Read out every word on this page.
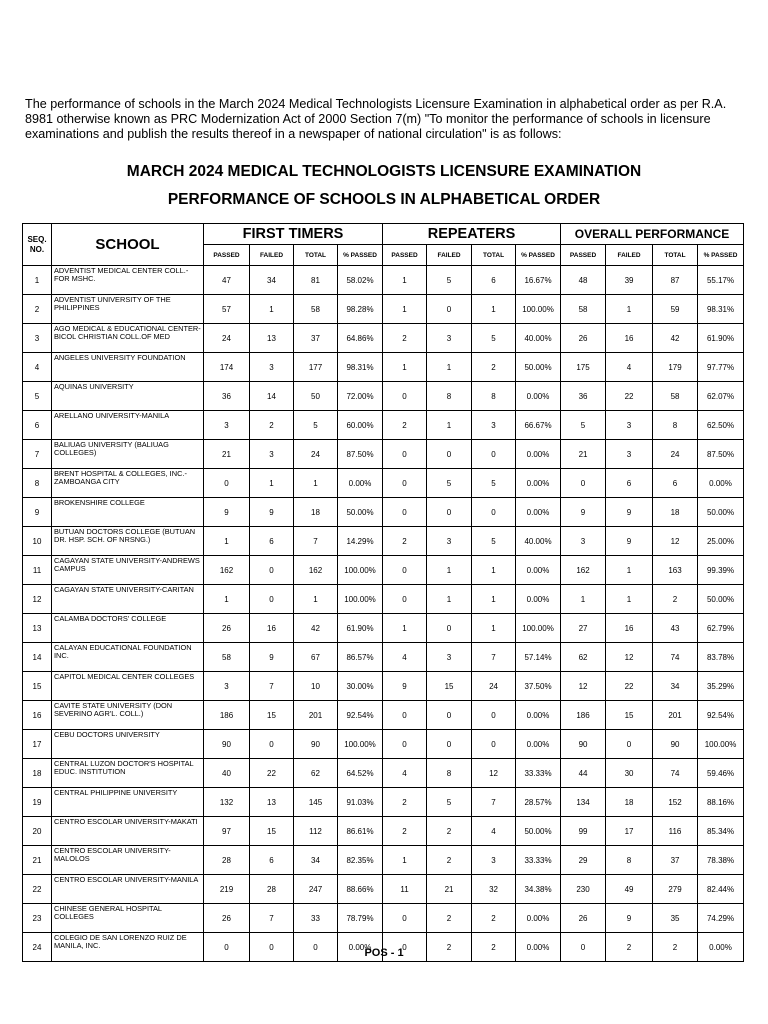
The performance of schools in the March 2024 Medical Technologists Licensure Examination in alphabetical order as per R.A. 8981 otherwise known as PRC Modernization Act of 2000 Section 7(m) "To monitor the performance of schools in licensure examinations and publish the results thereof in a newspaper of national circulation" is as follows:

MARCH 2024 MEDICAL TECHNOLOGISTS LICENSURE EXAMINATION
PERFORMANCE OF SCHOOLS IN ALPHABETICAL ORDER
SEQ. NO.	SCHOOL	FIRST TIMERS				REPEATERS				OVERALL PERFORMANCE			
		PASSED	FAILED	TOTAL	% PASSED	PASSED	FAILED	TOTAL	% PASSED	PASSED	FAILED	TOTAL	% PASSED
1	ADVENTIST MEDICAL CENTER COLL.-FOR MSHC.	47	34	81	58.02%	1	5	6	16.67%	48	39	87	55.17%
2	ADVENTIST UNIVERSITY OF THE PHILIPPINES	57	1	58	98.28%	1	0	1	100.00%	58	1	59	98.31%
3	AGO MEDICAL & EDUCATIONAL CENTER-BICOL CHRISTIAN COLL.OF MED	24	13	37	64.86%	2	3	5	40.00%	26	16	42	61.90%
4	ANGELES UNIVERSITY FOUNDATION	174	3	177	98.31%	1	1	2	50.00%	175	4	179	97.77%
5	AQUINAS UNIVERSITY	36	14	50	72.00%	0	8	8	0.00%	36	22	58	62.07%
6	ARELLANO UNIVERSITY-MANILA	3	2	5	60.00%	2	1	3	66.67%	5	3	8	62.50%
7	BALIUAG UNIVERSITY (BALIUAG COLLEGES)	21	3	24	87.50%	0	0	0	0.00%	21	3	24	87.50%
8	BRENT HOSPITAL & COLLEGES, INC.-ZAMBOANGA CITY	0	1	1	0.00%	0	5	5	0.00%	0	6	6	0.00%
9	BROKENSHIRE COLLEGE	9	9	18	50.00%	0	0	0	0.00%	9	9	18	50.00%
10	BUTUAN DOCTORS COLLEGE (BUTUAN DR. HSP. SCH. OF NRSNG.)	1	6	7	14.29%	2	3	5	40.00%	3	9	12	25.00%
11	CAGAYAN STATE UNIVERSITY-ANDREWS CAMPUS	162	0	162	100.00%	0	1	1	0.00%	162	1	163	99.39%
12	CAGAYAN STATE UNIVERSITY-CARITAN	1	0	1	100.00%	0	1	1	0.00%	1	1	2	50.00%
13	CALAMBA DOCTORS' COLLEGE	26	16	42	61.90%	1	0	1	100.00%	27	16	43	62.79%
14	CALAYAN EDUCATIONAL FOUNDATION INC.	58	9	67	86.57%	4	3	7	57.14%	62	12	74	83.78%
15	CAPITOL MEDICAL CENTER COLLEGES	3	7	10	30.00%	9	15	24	37.50%	12	22	34	35.29%
16	CAVITE STATE UNIVERSITY (DON SEVERINO AGR'L. COLL.)	186	15	201	92.54%	0	0	0	0.00%	186	15	201	92.54%
17	CEBU DOCTORS UNIVERSITY	90	0	90	100.00%	0	0	0	0.00%	90	0	90	100.00%
18	CENTRAL LUZON DOCTOR'S HOSPITAL EDUC. INSTITUTION	40	22	62	64.52%	4	8	12	33.33%	44	30	74	59.46%
19	CENTRAL PHILIPPINE UNIVERSITY	132	13	145	91.03%	2	5	7	28.57%	134	18	152	88.16%
20	CENTRO ESCOLAR UNIVERSITY-MAKATI	97	15	112	86.61%	2	2	4	50.00%	99	17	116	85.34%
21	CENTRO ESCOLAR UNIVERSITY-MALOLOS	28	6	34	82.35%	1	2	3	33.33%	29	8	37	78.38%
22	CENTRO ESCOLAR UNIVERSITY-MANILA	219	28	247	88.66%	11	21	32	34.38%	230	49	279	82.44%
23	CHINESE GENERAL HOSPITAL COLLEGES	26	7	33	78.79%	0	2	2	0.00%	26	9	35	74.29%
24	COLEGIO DE SAN LORENZO RUIZ DE MANILA, INC.	0	0	0	0.00%	0	2	2	0.00%	0	2	2	0.00%

POS - 1
